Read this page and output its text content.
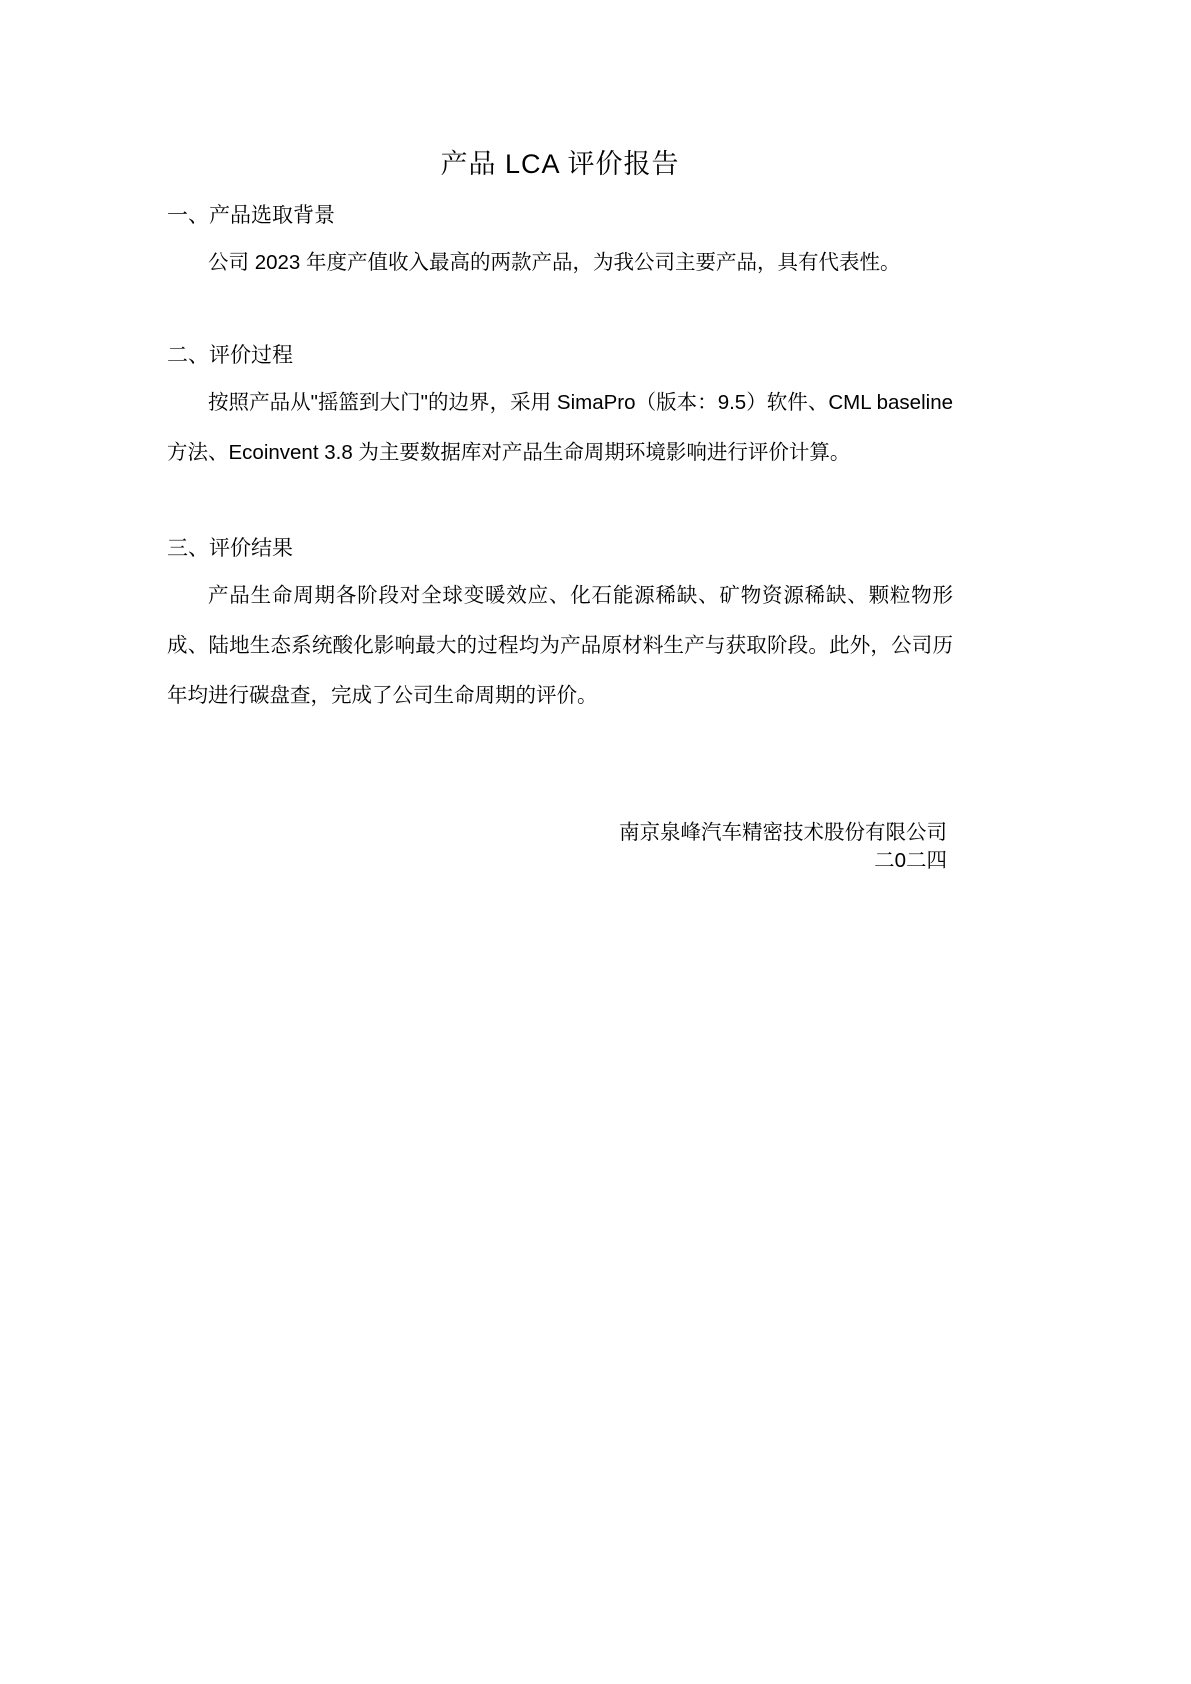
产品 LCA 评价报告
一、产品选取背景

公司 2023 年度产值收入最高的两款产品，为我公司主要产品，具有代表性。

二、评价过程

按照产品从"摇篮到大门"的边界，采用 SimaPro（版本：9.5）软件、CML baseline 方法、Ecoinvent 3.8 为主要数据库对产品生命周期环境影响进行评价计算。

三、评价结果

产品生命周期各阶段对全球变暖效应、化石能源稀缺、矿物资源稀缺、颗粒物形成、陆地生态系统酸化影响最大的过程均为产品原材料生产与获取阶段。此外，公司历年均进行碳盘查，完成了公司生命周期的评价。

南京泉峰汽车精密技术股份有限公司
二0二四
